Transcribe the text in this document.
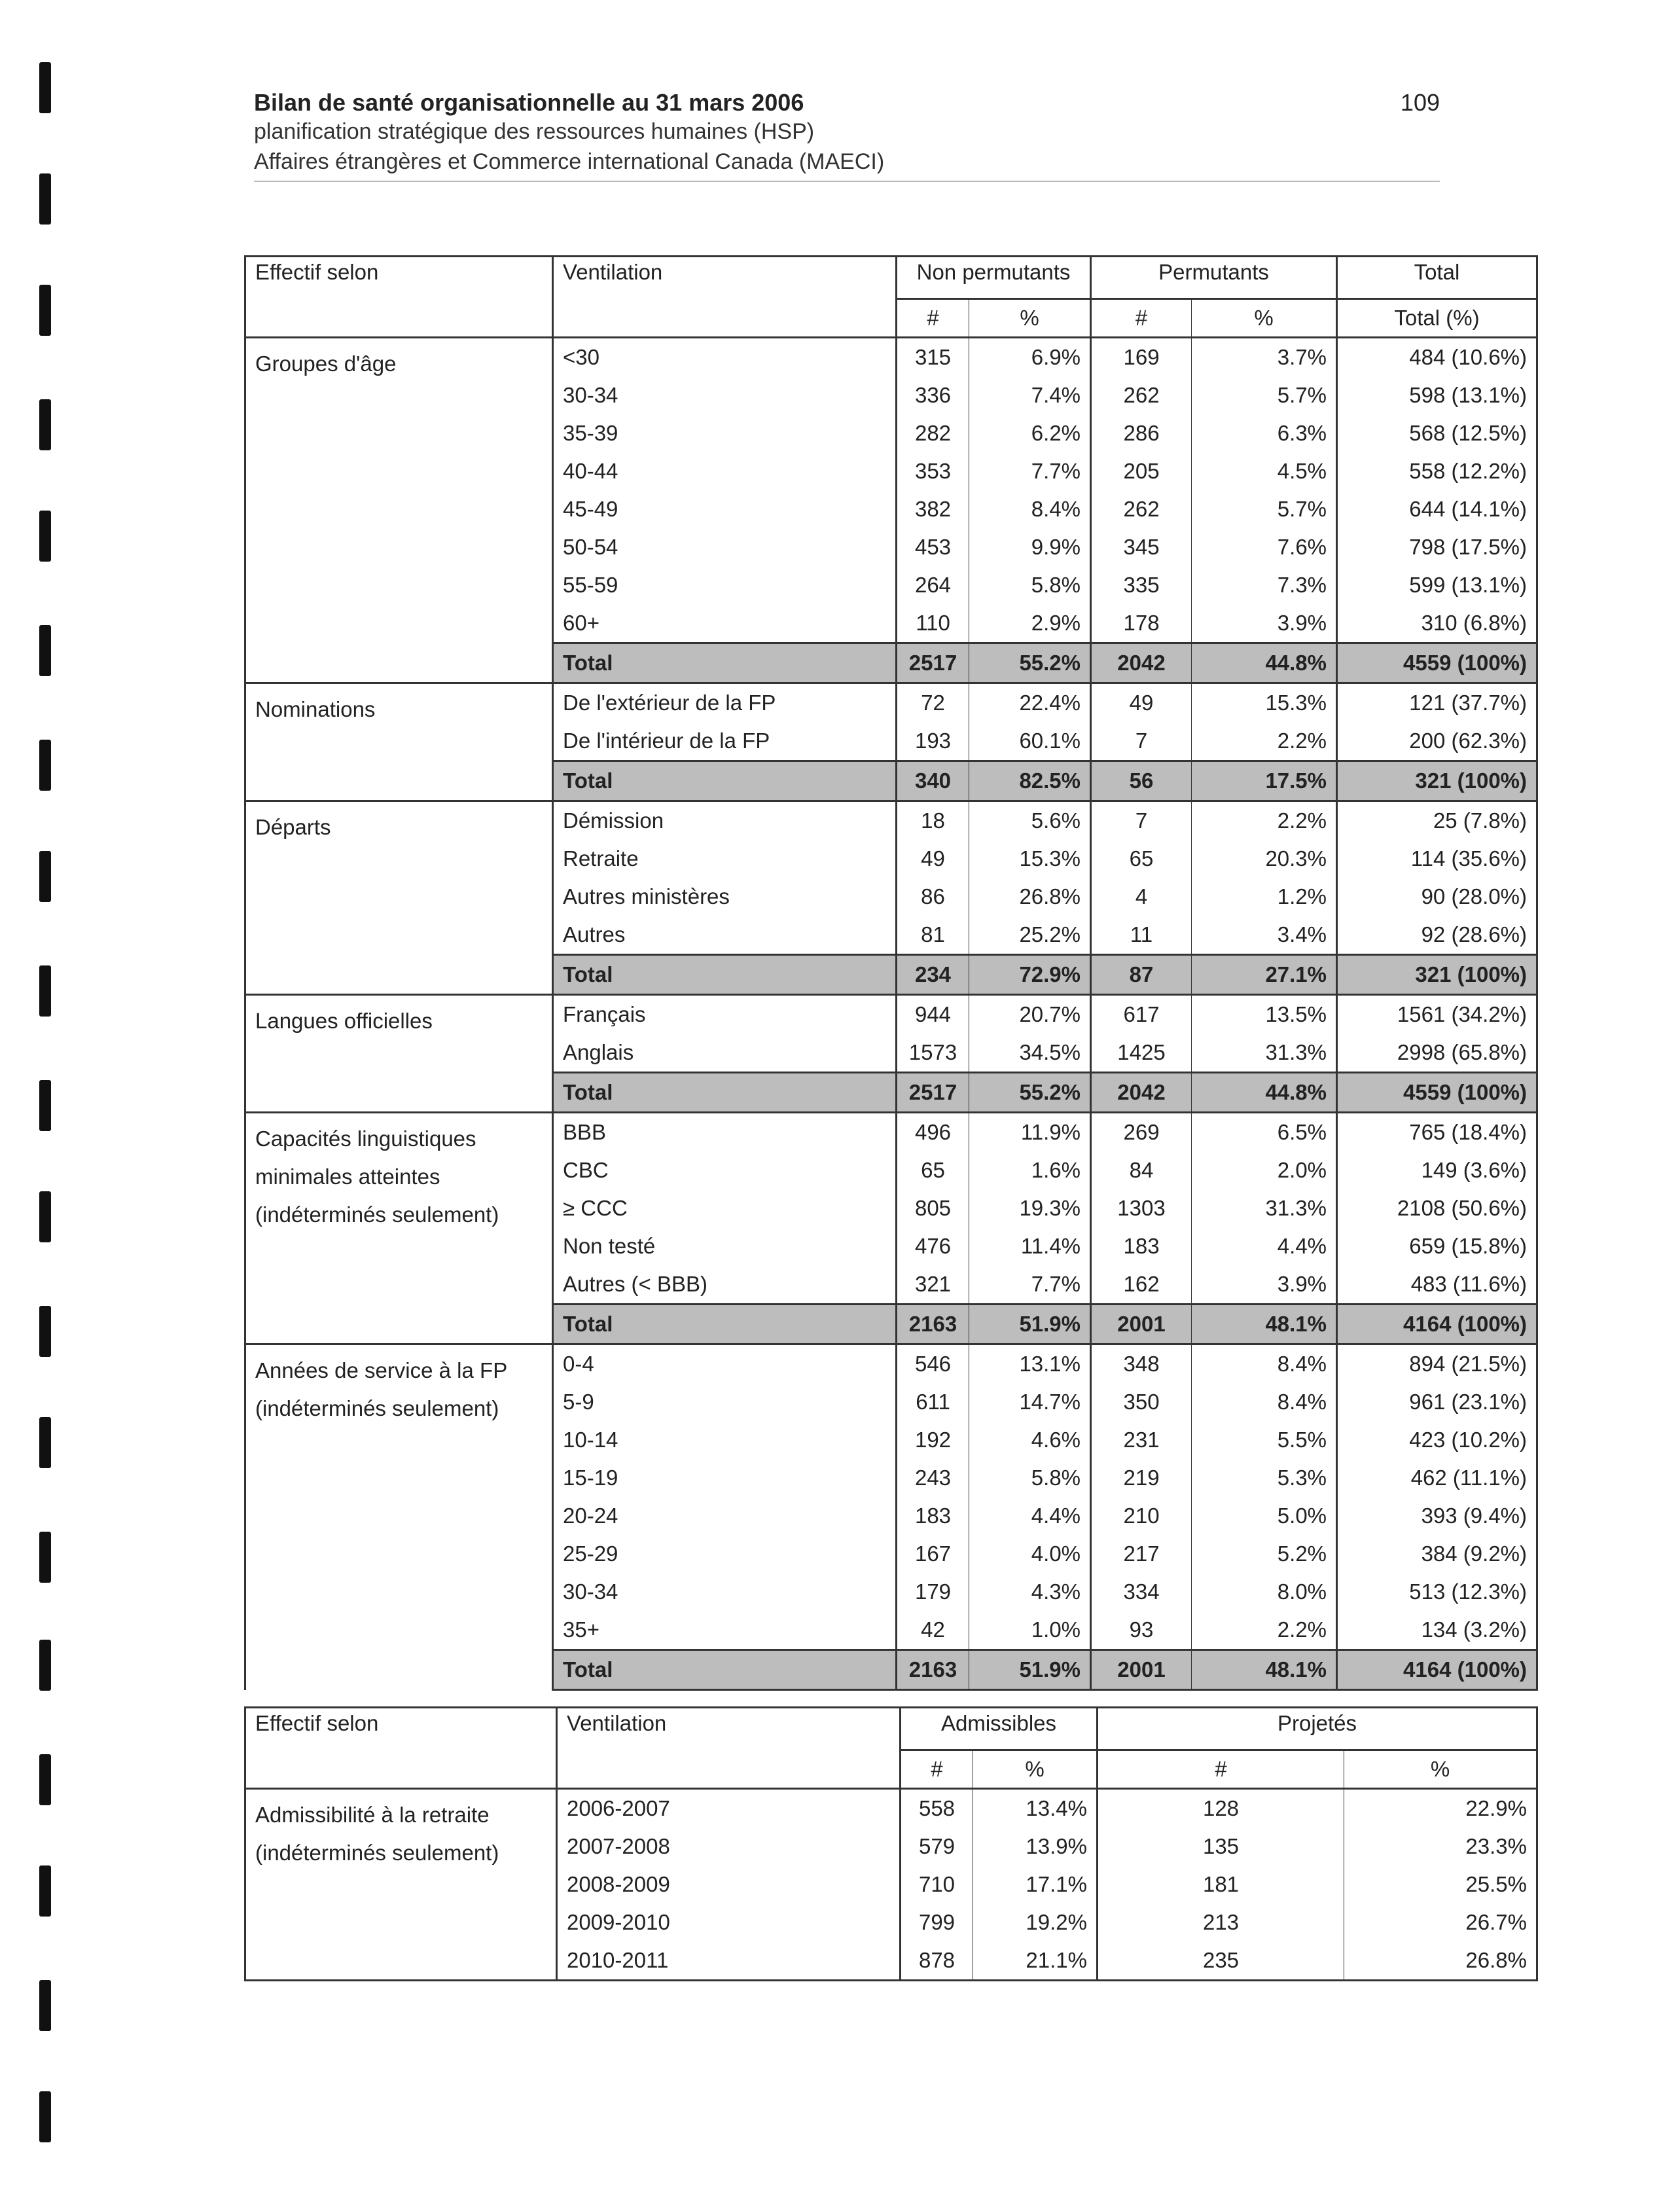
Bilan de santé organisationnelle au 31 mars 2006
planification stratégique des ressources humaines (HSP)
Affaires étrangères et Commerce international Canada (MAECI)
109
Effectif selon	Ventilation	Non permutants		Permutants		Total
		#	%	#	%	Total (%)
Groupes d'âge	<30	315	6.9%	169	3.7%	484 (10.6%)
	30-34	336	7.4%	262	5.7%	598 (13.1%)
	35-39	282	6.2%	286	6.3%	568 (12.5%)
	40-44	353	7.7%	205	4.5%	558 (12.2%)
	45-49	382	8.4%	262	5.7%	644 (14.1%)
	50-54	453	9.9%	345	7.6%	798 (17.5%)
	55-59	264	5.8%	335	7.3%	599 (13.1%)
	60+	110	2.9%	178	3.9%	310 (6.8%)
	Total	2517	55.2%	2042	44.8%	4559 (100%)
Nominations	De l'extérieur de la FP	72	22.4%	49	15.3%	121 (37.7%)
	De l'intérieur de la FP	193	60.1%	7	2.2%	200 (62.3%)
	Total	340	82.5%	56	17.5%	321 (100%)
Départs	Démission	18	5.6%	7	2.2%	25 (7.8%)
	Retraite	49	15.3%	65	20.3%	114 (35.6%)
	Autres ministères	86	26.8%	4	1.2%	90 (28.0%)
	Autres	81	25.2%	11	3.4%	92 (28.6%)
	Total	234	72.9%	87	27.1%	321 (100%)
Langues officielles	Français	944	20.7%	617	13.5%	1561 (34.2%)
	Anglais	1573	34.5%	1425	31.3%	2998 (65.8%)
	Total	2517	55.2%	2042	44.8%	4559 (100%)
Capacités linguistiques minimales atteintes (indéterminés seulement)	BBB	496	11.9%	269	6.5%	765 (18.4%)
	CBC	65	1.6%	84	2.0%	149 (3.6%)
	≥ CCC	805	19.3%	1303	31.3%	2108 (50.6%)
	Non testé	476	11.4%	183	4.4%	659 (15.8%)
	Autres (< BBB)	321	7.7%	162	3.9%	483 (11.6%)
	Total	2163	51.9%	2001	48.1%	4164 (100%)
Années de service à la FP (indéterminés seulement)	0-4	546	13.1%	348	8.4%	894 (21.5%)
	5-9	611	14.7%	350	8.4%	961 (23.1%)
	10-14	192	4.6%	231	5.5%	423 (10.2%)
	15-19	243	5.8%	219	5.3%	462 (11.1%)
	20-24	183	4.4%	210	5.0%	393 (9.4%)
	25-29	167	4.0%	217	5.2%	384 (9.2%)
	30-34	179	4.3%	334	8.0%	513 (12.3%)
	35+	42	1.0%	93	2.2%	134 (3.2%)
	Total	2163	51.9%	2001	48.1%	4164 (100%)
Effectif selon	Ventilation	Admissibles		Projetés	
		#	%	#	%
Admissibilité à la retraite (indéterminés seulement)	2006-2007	558	13.4%	128	22.9%
	2007-2008	579	13.9%	135	23.3%
	2008-2009	710	17.1%	181	25.5%
	2009-2010	799	19.2%	213	26.7%
	2010-2011	878	21.1%	235	26.8%
